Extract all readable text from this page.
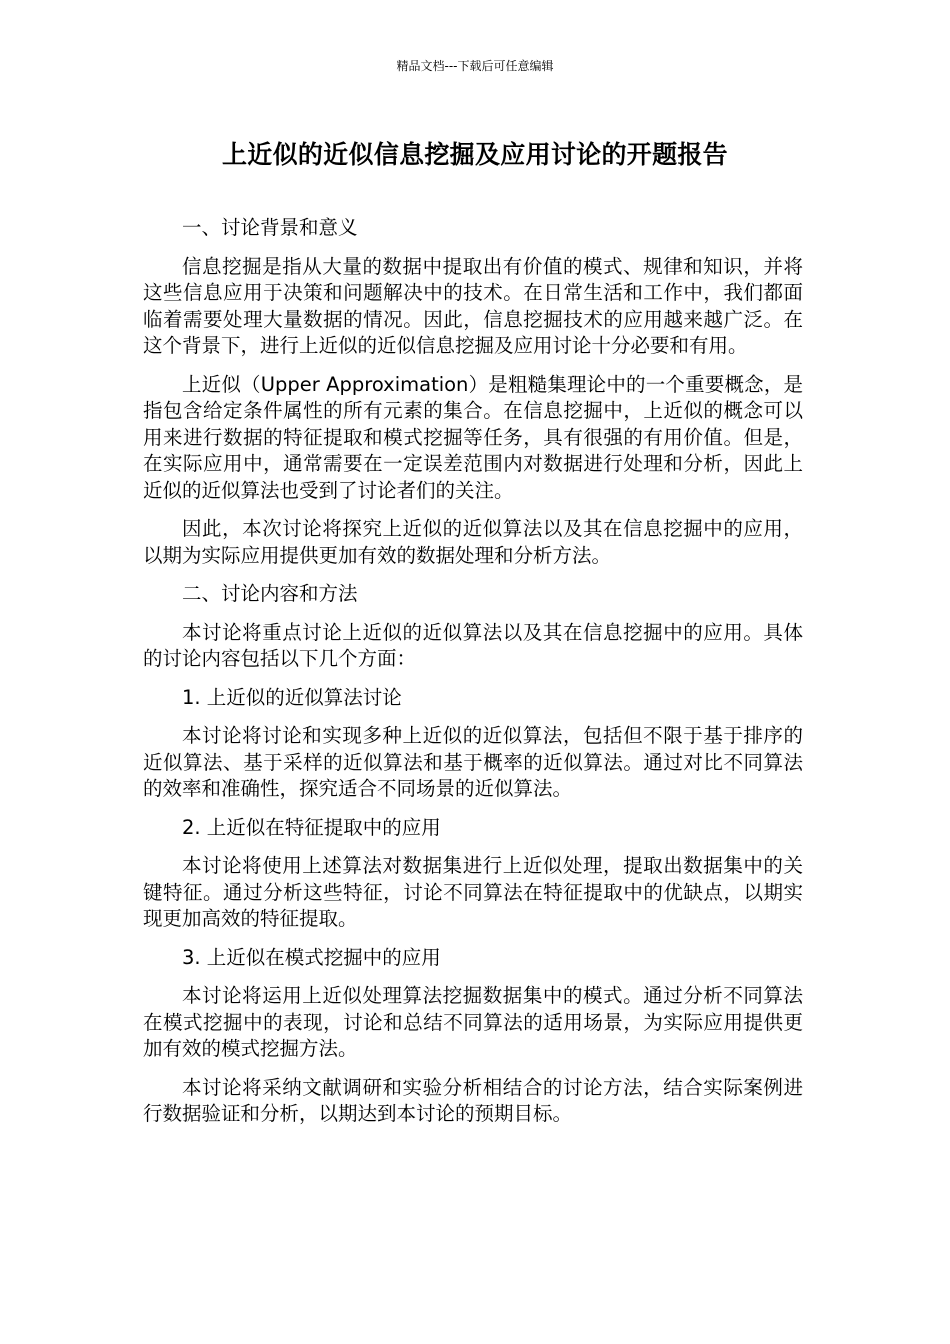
精品文档---下载后可任意编辑
上近似的近似信息挖掘及应用讨论的开题报告

一、讨论背景和意义

信息挖掘是指从大量的数据中提取出有价值的模式、规律和知识，并将这些信息应用于决策和问题解决中的技术。在日常生活和工作中，我们都面临着需要处理大量数据的情况。因此，信息挖掘技术的应用越来越广泛。在这个背景下，进行上近似的近似信息挖掘及应用讨论十分必要和有用。

上近似（Upper Approximation）是粗糙集理论中的一个重要概念，是指包含给定条件属性的所有元素的集合。在信息挖掘中，上近似的概念可以用来进行数据的特征提取和模式挖掘等任务，具有很强的有用价值。但是，在实际应用中，通常需要在一定误差范围内对数据进行处理和分析，因此上近似的近似算法也受到了讨论者们的关注。

因此，本次讨论将探究上近似的近似算法以及其在信息挖掘中的应用，以期为实际应用提供更加有效的数据处理和分析方法。

二、讨论内容和方法

本讨论将重点讨论上近似的近似算法以及其在信息挖掘中的应用。具体的讨论内容包括以下几个方面：

1. 上近似的近似算法讨论

本讨论将讨论和实现多种上近似的近似算法，包括但不限于基于排序的近似算法、基于采样的近似算法和基于概率的近似算法。通过对比不同算法的效率和准确性，探究适合不同场景的近似算法。

2. 上近似在特征提取中的应用

本讨论将使用上述算法对数据集进行上近似处理，提取出数据集中的关键特征。通过分析这些特征，讨论不同算法在特征提取中的优缺点，以期实现更加高效的特征提取。

3. 上近似在模式挖掘中的应用

本讨论将运用上近似处理算法挖掘数据集中的模式。通过分析不同算法在模式挖掘中的表现，讨论和总结不同算法的适用场景，为实际应用提供更加有效的模式挖掘方法。

本讨论将采纳文献调研和实验分析相结合的讨论方法，结合实际案例进行数据验证和分析，以期达到本讨论的预期目标。
